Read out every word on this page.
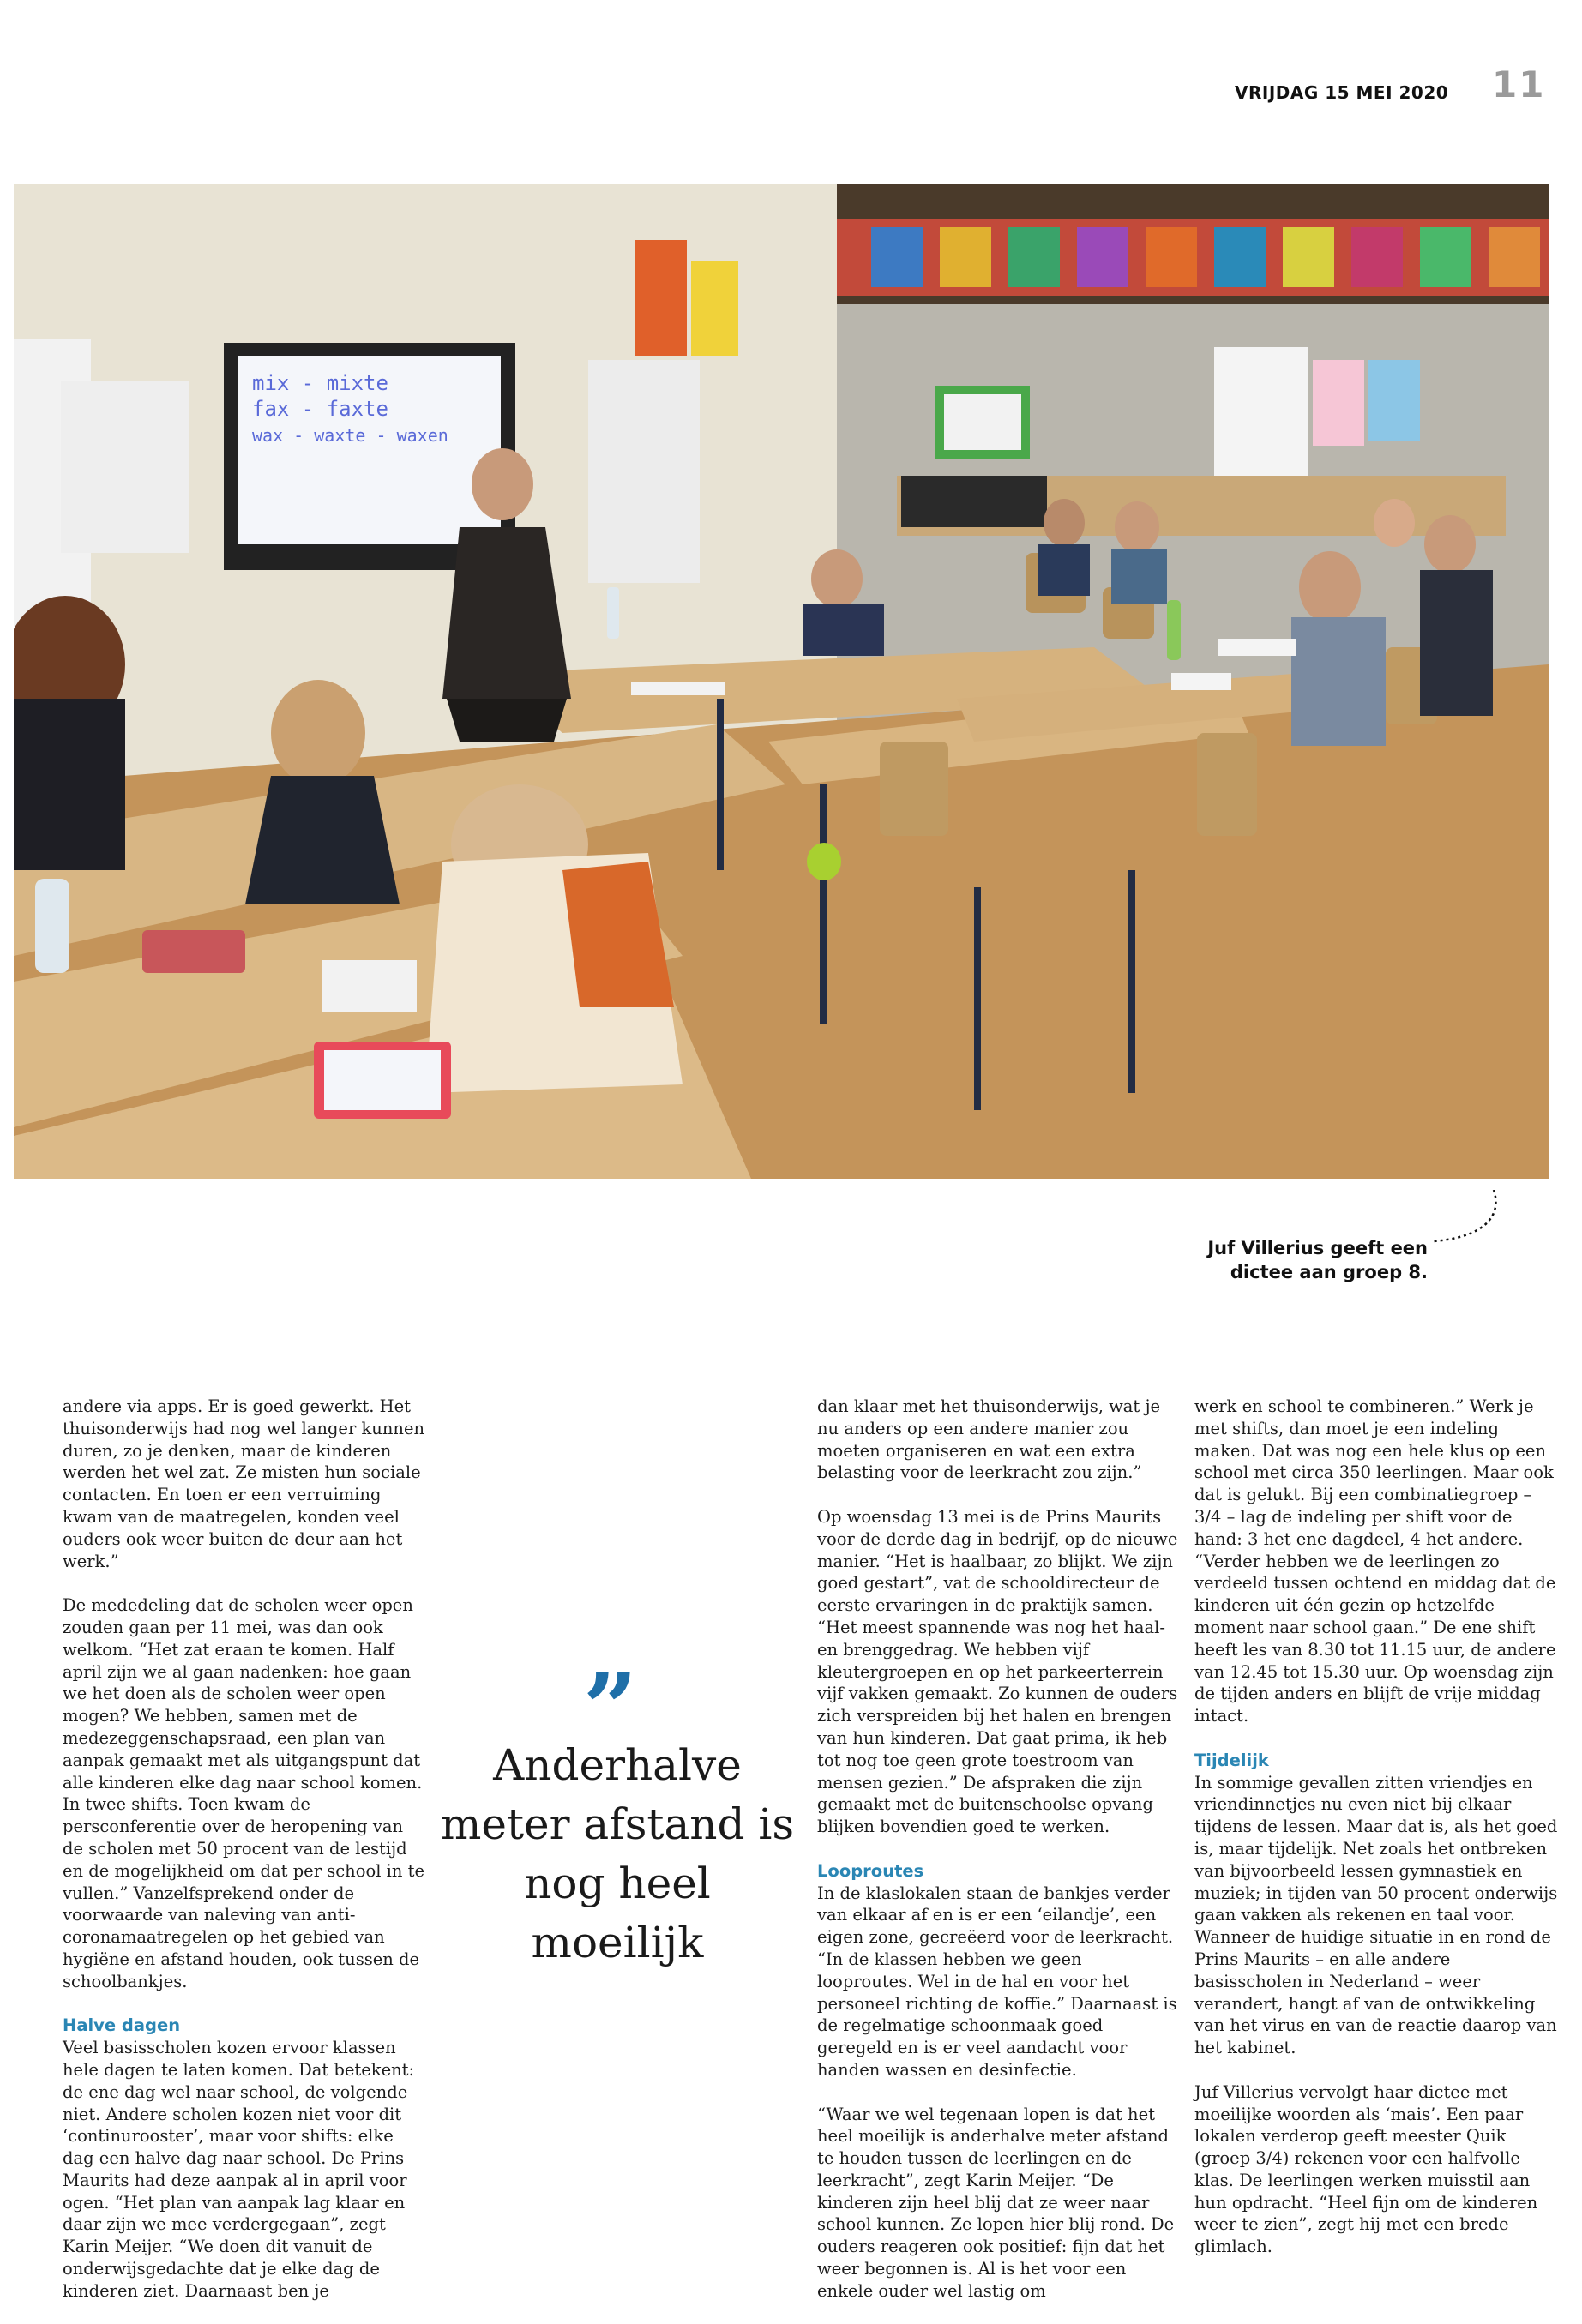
VRIJDAG 15 MEI 2020	11
mix - mixte
fax - faxte
wax - waxte - waxen
Juf Villerius geeft een
dictee aan groep 8.

andere via apps. Er is goed gewerkt. Het thuisonderwijs had nog wel langer kunnen duren, zo je denken, maar de kinderen werden het wel zat. Ze misten hun sociale contacten. En toen er een verruiming kwam van de maatregelen, konden veel ouders ook weer buiten de deur aan het werk.”

De mededeling dat de scholen weer open zouden gaan per 11 mei, was dan ook welkom. “Het zat eraan te komen. Half april zijn we al gaan nadenken: hoe gaan we het doen als de scholen weer open mogen? We hebben, samen met de medezeggenschapsraad, een plan van aanpak gemaakt met als uitgangspunt dat alle kinderen elke dag naar school komen. In twee shifts. Toen kwam de persconferentie over de heropening van de scholen met 50 procent van de lestijd en de mogelijkheid om dat per school in te vullen.” Vanzelfsprekend onder de voorwaarde van naleving van anti-coronamaatregelen op het gebied van hygiëne en afstand houden, ook tussen de schoolbankjes.

Halve dagen

Veel basisscholen kozen ervoor klassen hele dagen te laten komen. Dat betekent: de ene dag wel naar school, de volgende niet. Andere scholen kozen niet voor dit ‘continurooster’, maar voor shifts: elke dag een halve dag naar school. De Prins Maurits had deze aanpak al in april voor ogen. “Het plan van aanpak lag klaar en daar zijn we mee verdergegaan”, zegt Karin Meijer. “We doen dit vanuit de onderwijsgedachte dat je elke dag de kinderen ziet. Daarnaast ben je

”
Anderhalve meter afstand is nog heel moeilijk

dan klaar met het thuisonderwijs, wat je nu anders op een andere manier zou moeten organiseren en wat een extra belasting voor de leerkracht zou zijn.”

Op woensdag 13 mei is de Prins Maurits voor de derde dag in bedrijf, op de nieuwe manier. “Het is haalbaar, zo blijkt. We zijn goed gestart”, vat de schooldirecteur de eerste ervaringen in de praktijk samen. “Het meest spannende was nog het haal- en brenggedrag. We hebben vijf kleutergroepen en op het parkeerterrein vijf vakken gemaakt. Zo kunnen de ouders zich verspreiden bij het halen en brengen van hun kinderen. Dat gaat prima, ik heb tot nog toe geen grote toestroom van mensen gezien.” De afspraken die zijn gemaakt met de buitenschoolse opvang blijken bovendien goed te werken.

Looproutes

In de klaslokalen staan de bankjes verder van elkaar af en is er een ‘eilandje’, een eigen zone, gecreëerd voor de leerkracht. “In de klassen hebben we geen looproutes. Wel in de hal en voor het personeel richting de koffie.” Daarnaast is de regelmatige schoonmaak goed geregeld en is er veel aandacht voor handen wassen en desinfectie.

“Waar we wel tegenaan lopen is dat het heel moeilijk is anderhalve meter afstand te houden tussen de leerlingen en de leerkracht”, zegt Karin Meijer. “De kinderen zijn heel blij dat ze weer naar school kunnen. Ze lopen hier blij rond. De ouders reageren ook positief: fijn dat het weer begonnen is. Al is het voor een enkele ouder wel lastig om

werk en school te combineren.” Werk je met shifts, dan moet je een indeling maken. Dat was nog een hele klus op een school met circa 350 leerlingen. Maar ook dat is gelukt. Bij een combinatiegroep – 3/4 – lag de indeling per shift voor de hand: 3 het ene dagdeel, 4 het andere. “Verder hebben we de leerlingen zo verdeeld tussen ochtend en middag dat de kinderen uit één gezin op hetzelfde moment naar school gaan.” De ene shift heeft les van 8.30 tot 11.15 uur, de andere van 12.45 tot 15.30 uur. Op woensdag zijn de tijden anders en blijft de vrije middag intact.

Tijdelijk

In sommige gevallen zitten vriendjes en vriendinnetjes nu even niet bij elkaar tijdens de lessen. Maar dat is, als het goed is, maar tijdelijk. Net zoals het ontbreken van bijvoorbeeld lessen gymnastiek en muziek; in tijden van 50 procent onderwijs gaan vakken als rekenen en taal voor. Wanneer de huidige situatie in en rond de Prins Maurits – en alle andere basisscholen in Nederland – weer verandert, hangt af van de ontwikkeling van het virus en van de reactie daarop van het kabinet.

Juf Villerius vervolgt haar dictee met moeilijke woorden als ‘mais’. Een paar lokalen verderop geeft meester Quik (groep 3/4) rekenen voor een halfvolle klas. De leerlingen werken muisstil aan hun opdracht. “Heel fijn om de kinderen weer te zien”, zegt hij met een brede glimlach.
